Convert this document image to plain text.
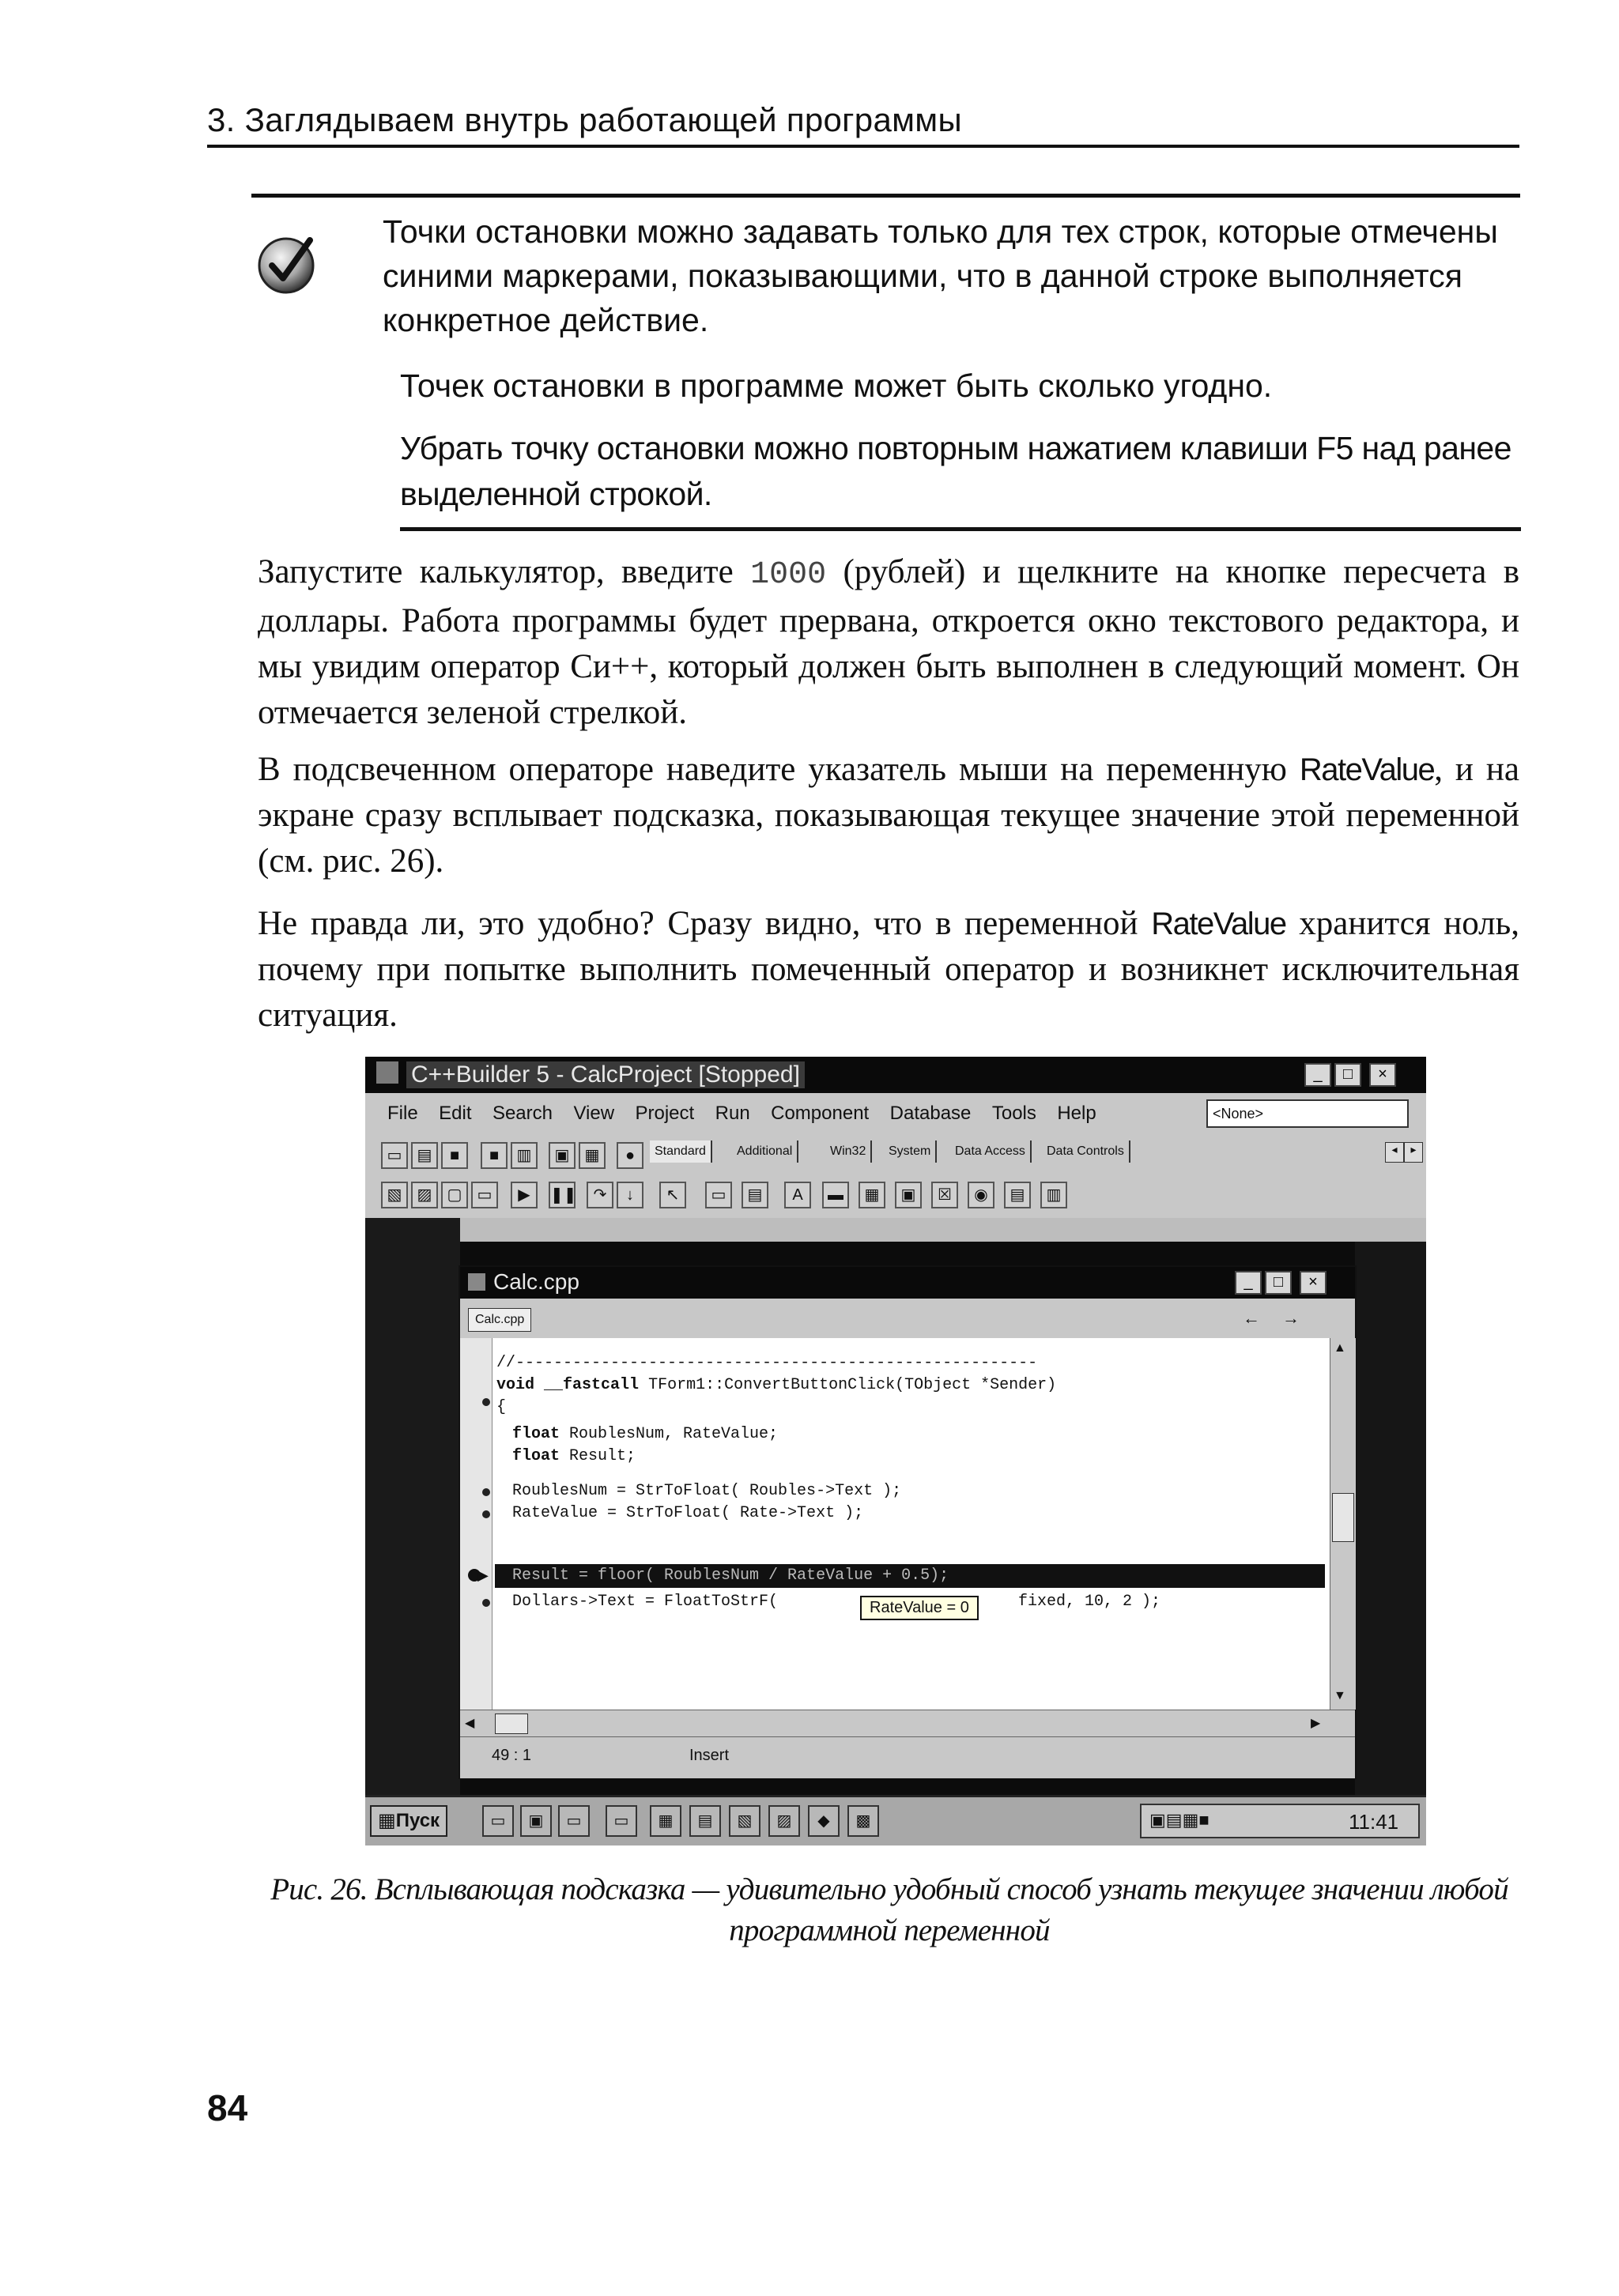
3. Заглядываем внутрь работающей программы
Точки остановки можно задавать только для тех строк, которые отмечены синими маркерами, показывающими, что в данной строке выполняется конкретное действие.
Точек остановки в программе может быть сколько угодно.
Убрать точку остановки можно повторным нажатием клавиши F5 над ранее выделенной строкой.
Запустите калькулятор, введите 1000 (рублей) и щелкните на кнопке пересчета в доллары. Работа программы будет прервана, откроется окно текстового редактора, и мы увидим оператор Си++, который должен быть выполнен в следующий момент. Он отмечается зеленой стрелкой.
В подсвеченном операторе наведите указатель мыши на переменную RateValue, и на экране сразу всплывает подсказка, показывающая текущее значение этой переменной (см. рис. 26).
Не правда ли, это удобно? Сразу видно, что в переменной RateValue хранится ноль, почему при попытке выполнить помеченный оператор и возникнет исключительная ситуация.
C++Builder 5 - CalcProject [Stopped]	_	□	×
File Edit Search View Project Run Component Database Tools Help	<None>
▭ ▤	■	■	▥	▣ ▦	●
▧ ▨ ▢ ▭	▶	❚❚	↷	↓
Standard	Additional	Win32	System	Data Access	Data Controls	◂	▸
↖	▭	▤	A	▬	▦	▣	☒	◉	▤	▥
Calc.cpp	_	□	×
Calc.cpp	← →
▶
//-------------------------------------------------------
void __fastcall TForm1::ConvertButtonClick(TObject *Sender)
{
float RoublesNum, RateValue;
float Result;
RoublesNum = StrToFloat( Roubles->Text );
RateValue = StrToFloat( Rate->Text );
Result = floor( RoublesNum / RateValue + 0.5);
Dollars->Text = FloatToStrF(	fixed, 10, 2 );
RateValue = 0
▲
▼
◀	▶
49 : 1	Insert
▦Пуск	▭	▣	▭	▭	▦	▤	▧	▨	◆	▩	▣▤▦■	11:41
Рис. 26. Всплывающая подсказка — удивительно удобный способ узнать текущее значении любой программной переменной
84
